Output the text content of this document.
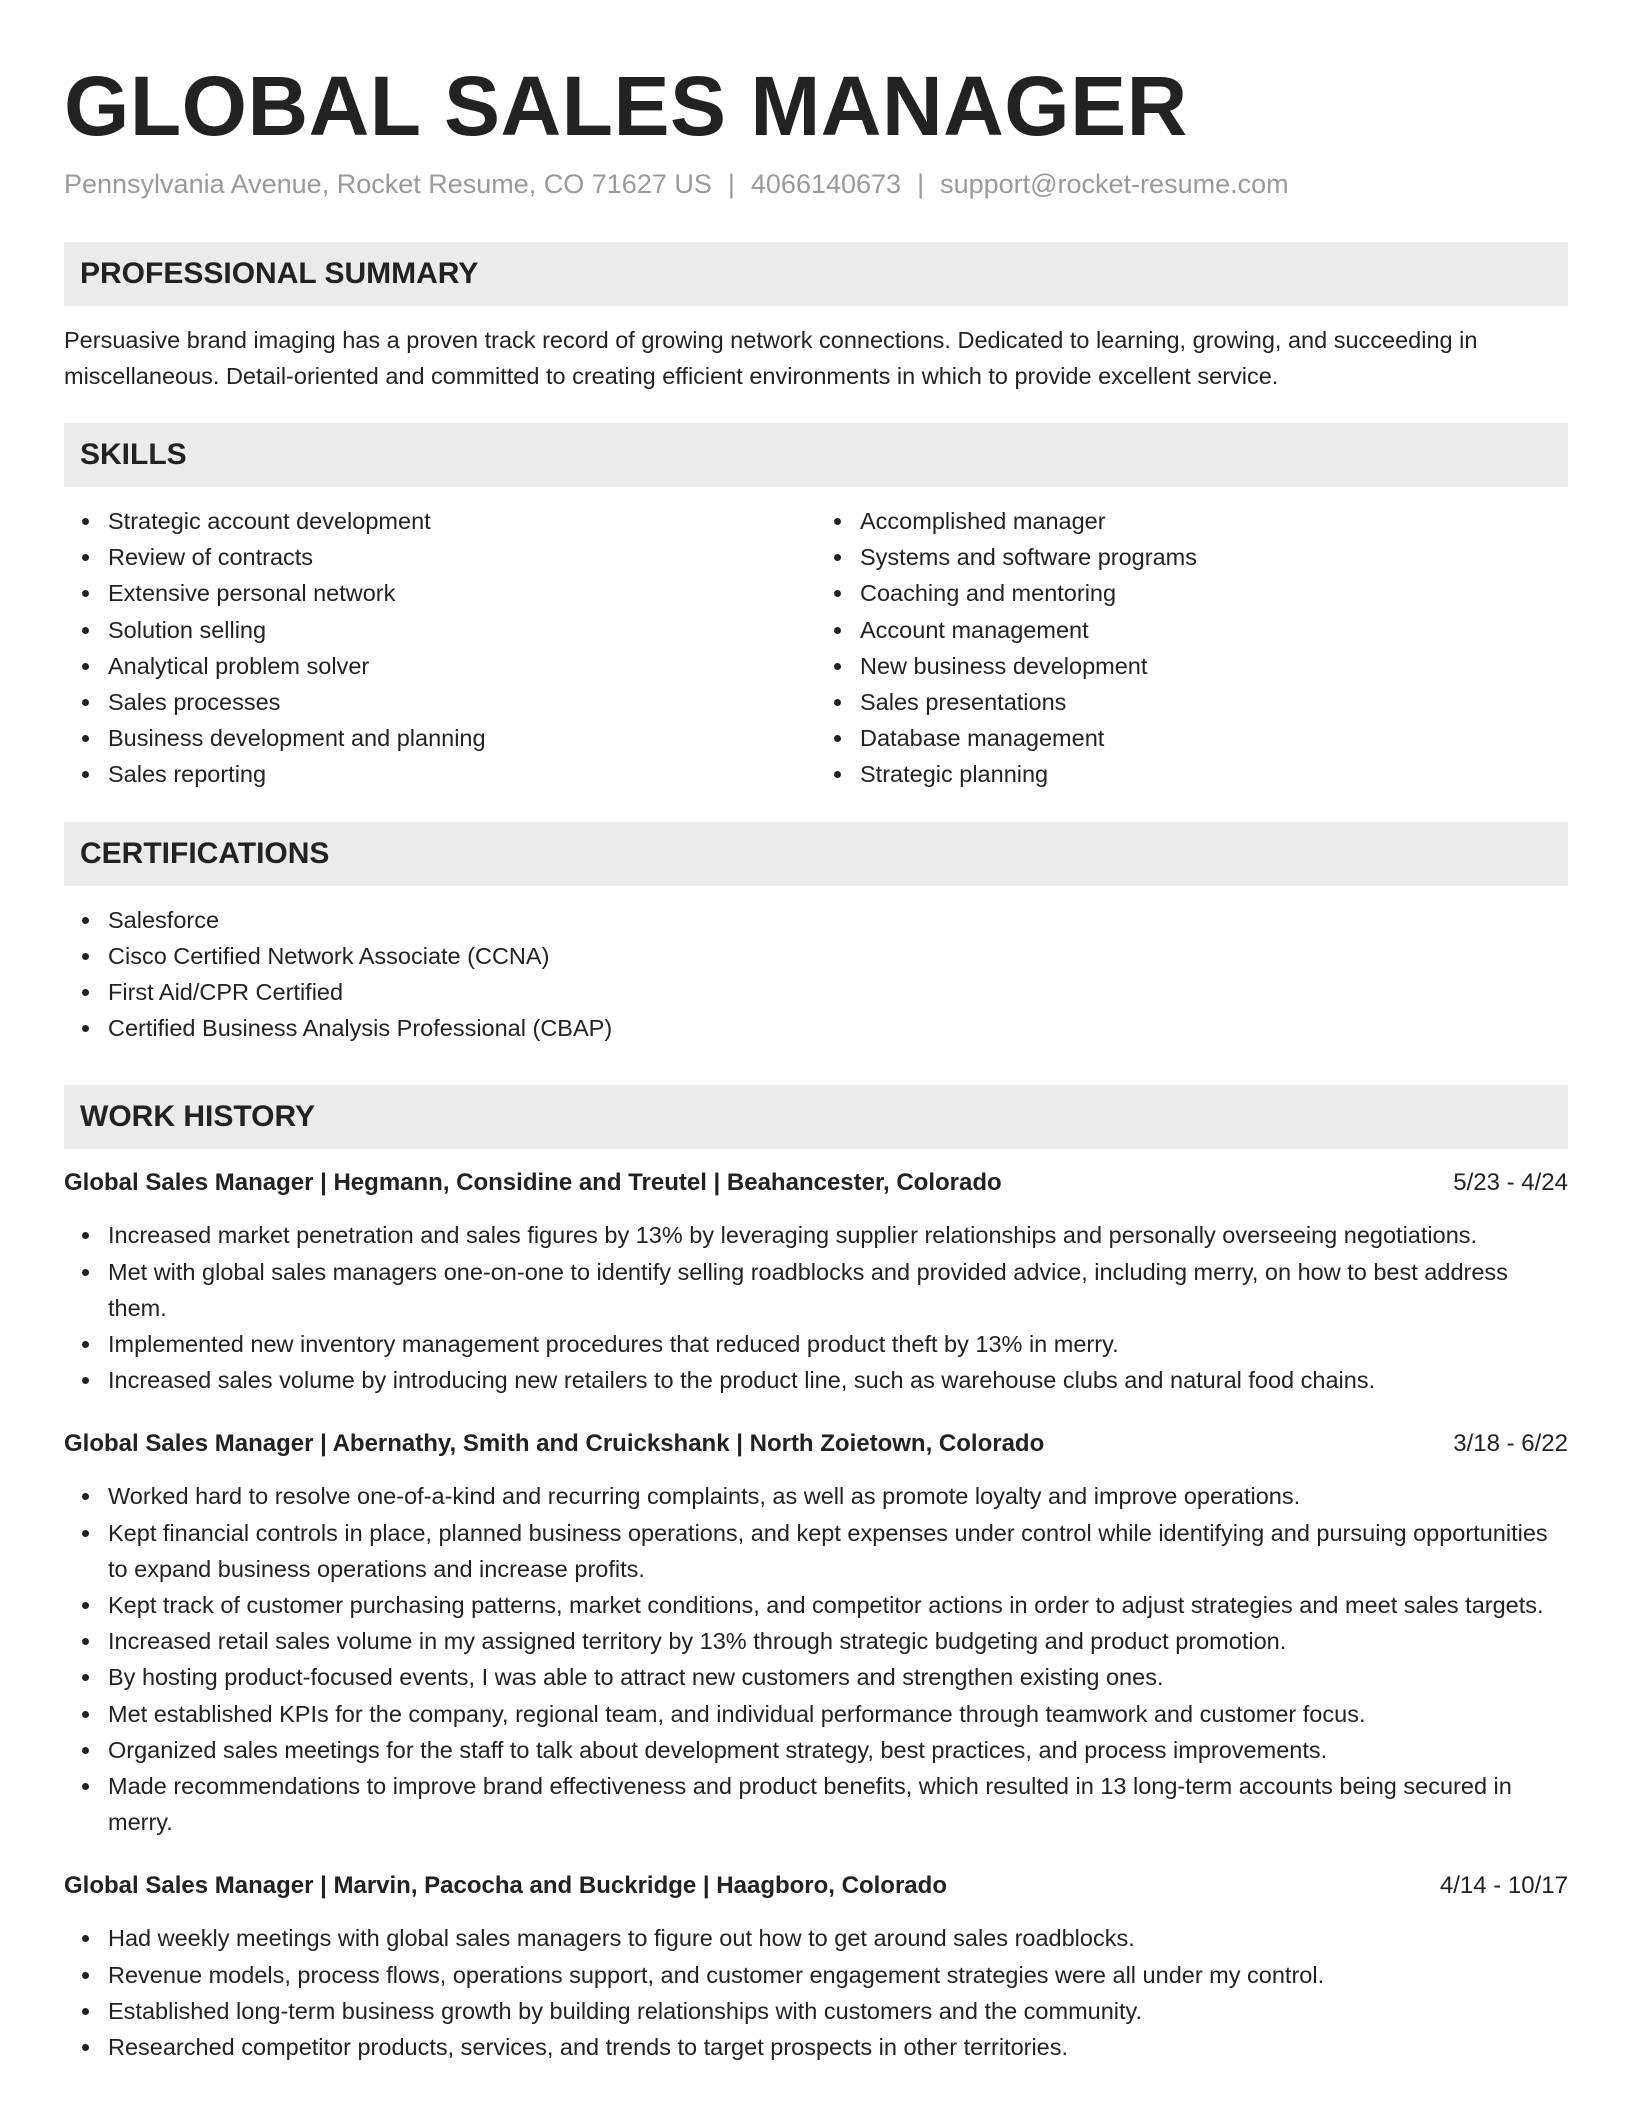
GLOBAL SALES MANAGER
Pennsylvania Avenue, Rocket Resume, CO 71627 US | 4066140673 | support@rocket-resume.com
PROFESSIONAL SUMMARY

Persuasive brand imaging has a proven track record of growing network connections. Dedicated to learning, growing, and succeeding in miscellaneous. Detail-oriented and committed to creating efficient environments in which to provide excellent service.

SKILLS
Strategic account development
Review of contracts
Extensive personal network
Solution selling
Analytical problem solver
Sales processes
Business development and planning
Sales reporting
Accomplished manager
Systems and software programs
Coaching and mentoring
Account management
New business development
Sales presentations
Database management
Strategic planning
CERTIFICATIONS
Salesforce
Cisco Certified Network Associate (CCNA)
First Aid/CPR Certified
Certified Business Analysis Professional (CBAP)
WORK HISTORY
Global Sales Manager | Hegmann, Considine and Treutel | Beahancester, Colorado	5/23 - 4/24
Increased market penetration and sales figures by 13% by leveraging supplier relationships and personally overseeing negotiations.
Met with global sales managers one-on-one to identify selling roadblocks and provided advice, including merry, on how to best address them.
Implemented new inventory management procedures that reduced product theft by 13% in merry.
Increased sales volume by introducing new retailers to the product line, such as warehouse clubs and natural food chains.
Global Sales Manager | Abernathy, Smith and Cruickshank | North Zoietown, Colorado	3/18 - 6/22
Worked hard to resolve one-of-a-kind and recurring complaints, as well as promote loyalty and improve operations.
Kept financial controls in place, planned business operations, and kept expenses under control while identifying and pursuing opportunities to expand business operations and increase profits.
Kept track of customer purchasing patterns, market conditions, and competitor actions in order to adjust strategies and meet sales targets.
Increased retail sales volume in my assigned territory by 13% through strategic budgeting and product promotion.
By hosting product-focused events, I was able to attract new customers and strengthen existing ones.
Met established KPIs for the company, regional team, and individual performance through teamwork and customer focus.
Organized sales meetings for the staff to talk about development strategy, best practices, and process improvements.
Made recommendations to improve brand effectiveness and product benefits, which resulted in 13 long-term accounts being secured in merry.
Global Sales Manager | Marvin, Pacocha and Buckridge | Haagboro, Colorado	4/14 - 10/17
Had weekly meetings with global sales managers to figure out how to get around sales roadblocks.
Revenue models, process flows, operations support, and customer engagement strategies were all under my control.
Established long-term business growth by building relationships with customers and the community.
Researched competitor products, services, and trends to target prospects in other territories.
